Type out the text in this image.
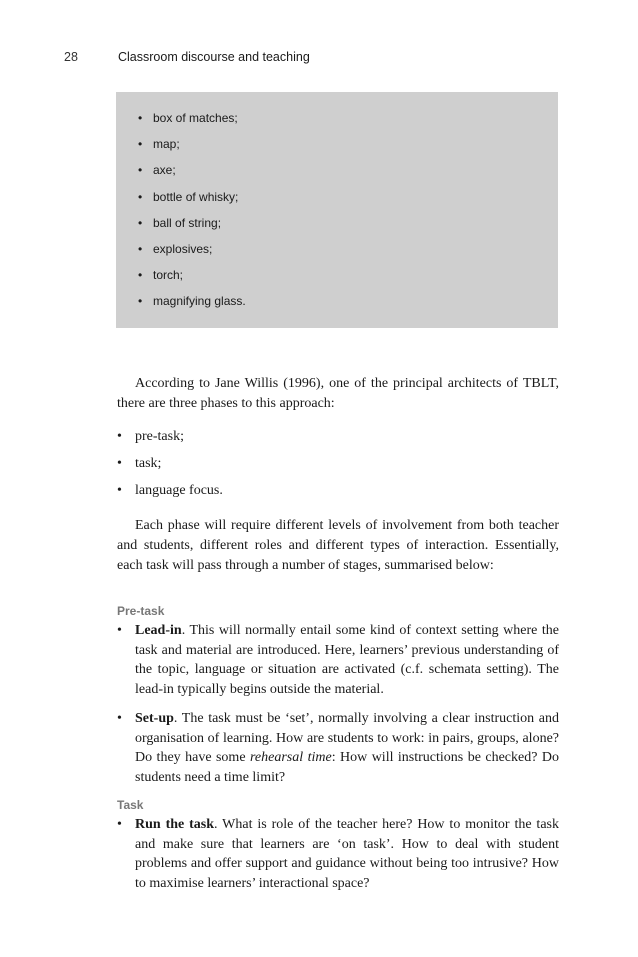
28	Classroom discourse and teaching
• box of matches;
• map;
• axe;
• bottle of whisky;
• ball of string;
• explosives;
• torch;
• magnifying glass.

According to Jane Willis (1996), one of the principal architects of TBLT, there are three phases to this approach:

• pre-task;
• task;
• language focus.

Each phase will require different levels of involvement from both teacher and students, different roles and different types of interaction. Essentially, each task will pass through a number of stages, summarised below:

Pre-task
• Lead-in. This will normally entail some kind of context setting where the task and material are introduced. Here, learners’ previous understanding of the topic, language or situation are activated (c.f. schemata setting). The lead-in typically begins outside the material.
• Set-up. The task must be ‘set’, normally involving a clear instruction and organisation of learning. How are students to work: in pairs, groups, alone? Do they have some rehearsal time: How will instructions be checked? Do students need a time limit?
Task
• Run the task. What is role of the teacher here? How to monitor the task and make sure that learners are ‘on task’. How to deal with student problems and offer support and guidance without being too intrusive? How to maximise learners’ interactional space?
